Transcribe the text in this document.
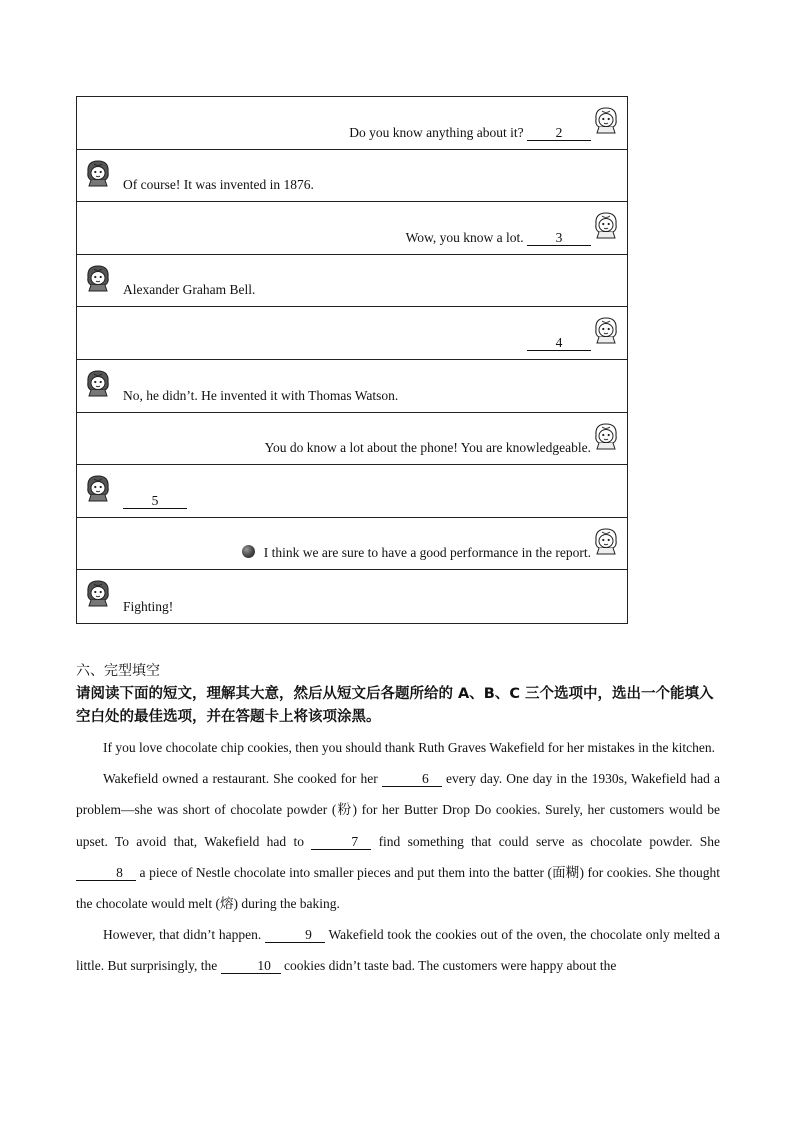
Do you know anything about it? 2
Of course! It was invented in 1876.
Wow, you know a lot. 3
Alexander Graham Bell.
4
No, he didn’t. He invented it with Thomas Watson.
You do know a lot about the phone! You are knowledgeable.
5
I think we are sure to have a good performance in the report.
Fighting!
六、完型填空
请阅读下面的短文，理解其大意，然后从短文后各题所给的 A、B、C 三个选项中，选出一个能填入空白处的最佳选项，并在答题卡上将该项涂黑。

If you love chocolate chip cookies, then you should thank Ruth Graves Wakefield for her mistakes in the kitchen.

Wakefield owned a restaurant. She cooked for her	6 every day. One day in the 1930s, Wakefield had a problem—she was short of chocolate powder (粉) for her Butter Drop Do cookies. Surely, her customers would be upset. To avoid that, Wakefield had to	7 find something that could serve as chocolate powder. She 8 a piece of Nestle chocolate into smaller pieces and put them into the batter (面糊) for cookies. She thought the chocolate would melt (熔) during the baking.

However, that didn’t happen.	9 Wakefield took the cookies out of the oven, the chocolate only melted a little. But surprisingly, the	10 cookies didn’t taste bad. The customers were happy about the
